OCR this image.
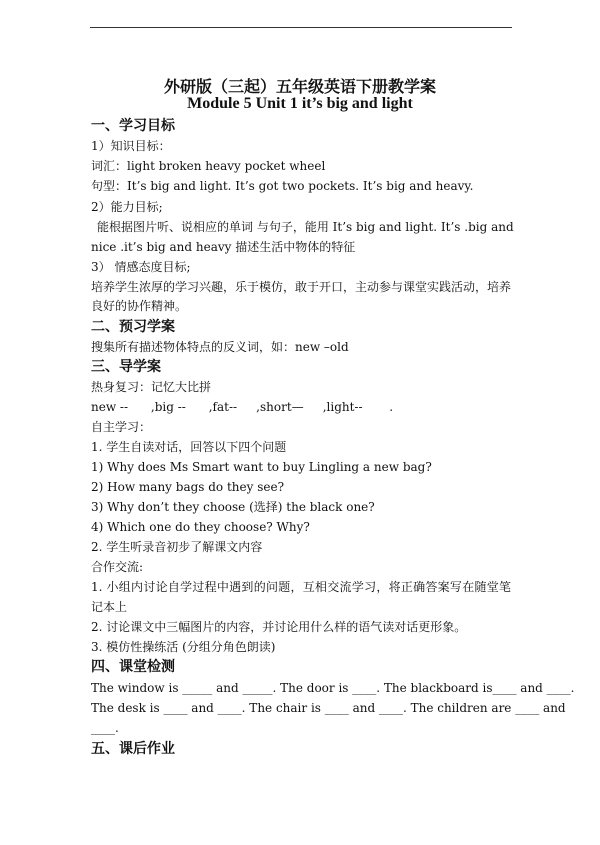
外研版（三起）五年级英语下册教学案
Module 5 Unit 1 it’s big and light
一、学习目标
1）知识目标：
词汇：light broken heavy pocket wheel
句型：It’s big and light. It’s got two pockets. It’s big and heavy.
2）能力目标;
能根据图片听、说相应的单词 与句子，能用 It’s big and light. It’s .big and
nice .it’s big and heavy 描述生活中物体的特征
3） 情感态度目标;
培养学生浓厚的学习兴趣，乐于模仿，敢于开口，主动参与课堂实践活动，培养
良好的协作精神。
二、预习学案
搜集所有描述物体特点的反义词，如：new –old
三、导学案
热身复习：记忆大比拼
new --      ,big --      ,fat--     ,short—     ,light--       .
自主学习：
1. 学生自读对话，回答以下四个问题
1) Why does Ms Smart want to buy Lingling a new bag?
2) How many bags do they see?
3) Why don’t they choose (选择) the black one?
4) Which one do they choose? Why?
2. 学生听录音初步了解课文内容
合作交流:
1. 小组内讨论自学过程中遇到的问题，互相交流学习，将正确答案写在随堂笔
记本上
2. 讨论课文中三幅图片的内容，并讨论用什么样的语气读对话更形象。
3. 模仿性操练活 (分组分角色朗读)
四、课堂检测
The window is _____ and _____. The door is ____. The blackboard is____ and ____.
The desk is ____ and ____. The chair is ____ and ____. The children are ____ and
____.
五、课后作业
